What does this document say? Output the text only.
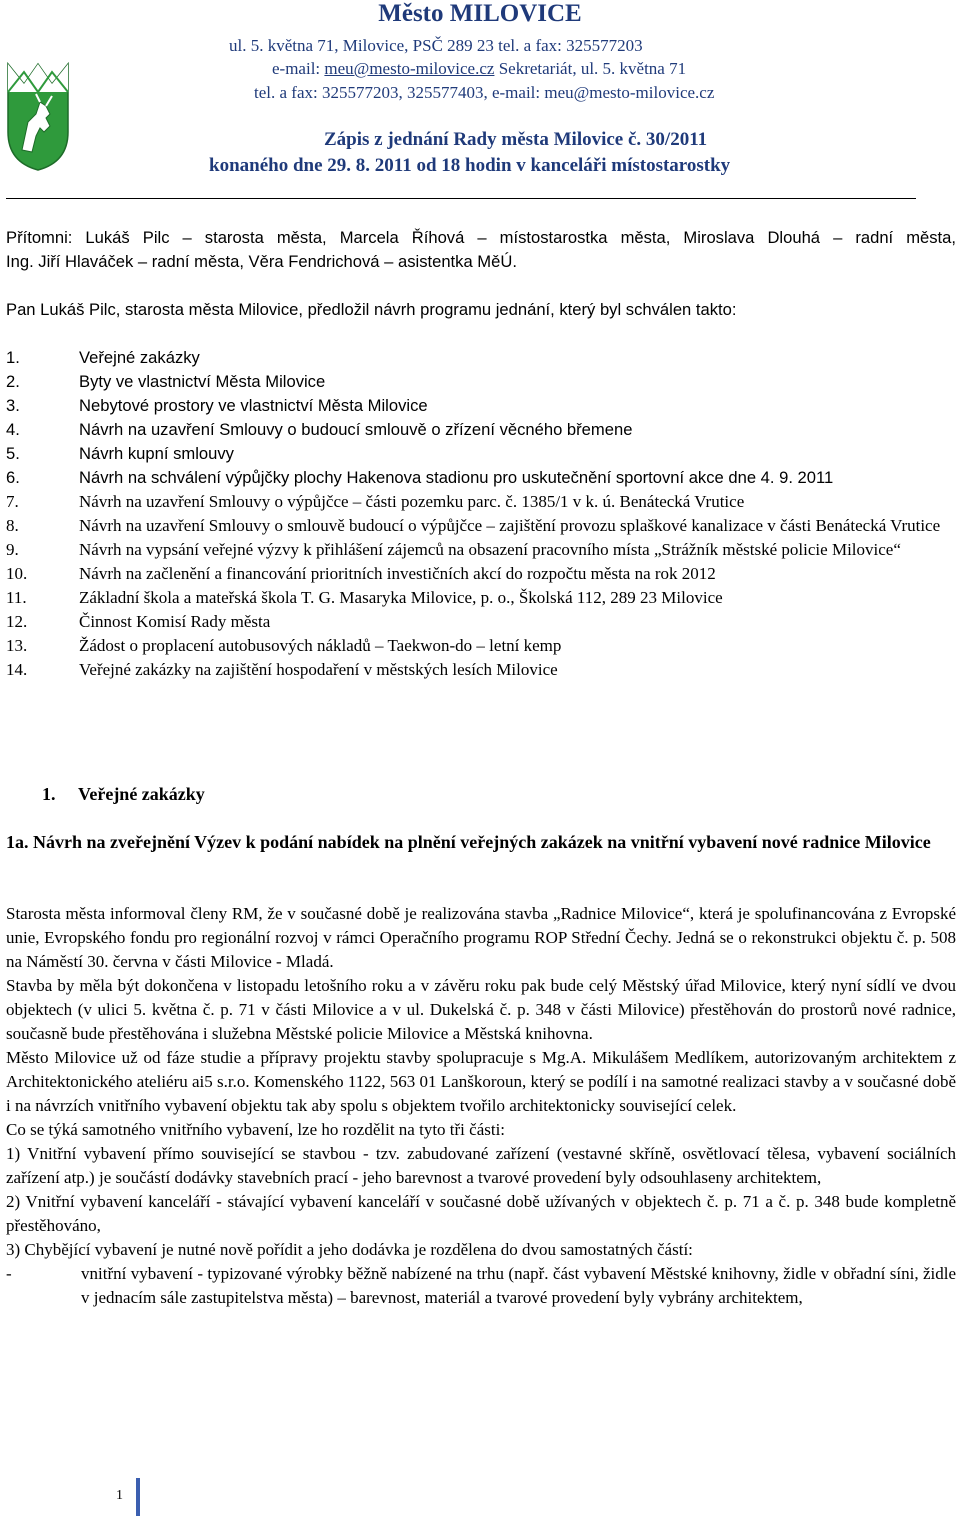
Město MILOVICE
ul. 5. května 71, Milovice, PSČ 289 23 tel. a fax: 325577203
e-mail: meu@mesto-milovice.cz Sekretariát, ul. 5. května 71
tel. a fax: 325577203, 325577403, e-mail: meu@mesto-milovice.cz
Zápis z jednání Rady města Milovice č. 30/2011
konaného dne 29. 8. 2011 od 18 hodin v kanceláři místostarostky
Přítomni: Lukáš Pilc – starosta města, Marcela Říhová – místostarostka města, Miroslava Dlouhá – radní města,
Ing. Jiří Hlaváček – radní města, Věra Fendrichová – asistentka MěÚ.
Pan Lukáš Pilc, starosta města Milovice, předložil návrh programu jednání, který byl schválen takto:
1.	Veřejné zakázky
2.	Byty ve vlastnictví Města Milovice
3.	Nebytové prostory ve vlastnictví Města Milovice
4.	Návrh na uzavření Smlouvy o budoucí smlouvě o zřízení věcného břemene
5.	Návrh kupní smlouvy
6.	Návrh na schválení výpůjčky plochy Hakenova stadionu pro uskutečnění sportovní akce dne 4. 9. 2011
7.	Návrh na uzavření Smlouvy o výpůjčce – části pozemku parc. č. 1385/1 v k. ú. Benátecká Vrutice
8.	Návrh na uzavření Smlouvy o smlouvě budoucí o výpůjčce – zajištění provozu splaškové kanalizace v části Benátecká Vrutice
9.	Návrh na vypsání veřejné výzvy k přihlášení zájemců na obsazení pracovního místa „Strážník městské policie Milovice“
10.	Návrh na začlenění a financování prioritních investičních akcí do rozpočtu města na rok 2012
11.	Základní škola a mateřská škola T. G. Masaryka Milovice, p. o., Školská 112, 289 23 Milovice
12.	Činnost Komisí Rady města
13.	Žádost o proplacení autobusových nákladů – Taekwon-do – letní kemp
14.	Veřejné zakázky na zajištění hospodaření v městských lesích Milovice
1. Veřejné zakázky
1a. Návrh na zveřejnění Výzev k podání nabídek na plnění veřejných zakázek na vnitřní vybavení nové radnice Milovice
Starosta města informoval členy RM, že v současné době je realizována stavba „Radnice Milovice“, která je spolufinancována z Evropské unie, Evropského fondu pro regionální rozvoj v rámci Operačního programu ROP Střední Čechy. Jedná se o rekonstrukci objektu č. p. 508 na Náměstí 30. června v části Milovice - Mladá.
Stavba by měla být dokončena v listopadu letošního roku a v závěru roku pak bude celý Městský úřad Milovice, který nyní sídlí ve dvou objektech (v ulici 5. května č. p. 71 v části Milovice a v ul. Dukelská č. p. 348 v části Milovice) přestěhován do prostorů nové radnice, současně bude přestěhována i služebna Městské policie Milovice a Městská knihovna.
Město Milovice už od fáze studie a přípravy projektu stavby spolupracuje s Mg.A. Mikulášem Medlíkem, autorizovaným architektem z Architektonického ateliéru ai5 s.r.o. Komenského 1122, 563 01 Lanškoroun, který se podílí i na samotné realizaci stavby a v současné době i na návrzích vnitřního vybavení objektu tak aby spolu s objektem tvořilo architektonicky související celek.
Co se týká samotného vnitřního vybavení, lze ho rozdělit na tyto tři části:
1) Vnitřní vybavení přímo související se stavbou - tzv. zabudované zařízení (vestavné skříně, osvětlovací tělesa, vybavení sociálních zařízení atp.) je součástí dodávky stavebních prací - jeho barevnost a tvarové provedení byly odsouhlaseny architektem,
2) Vnitřní vybavení kanceláří - stávající vybavení kanceláří v současné době užívaných v objektech č. p. 71 a č. p. 348 bude kompletně přestěhováno,
3) Chybějící vybavení je nutné nově pořídit a jeho dodávka je rozdělena do dvou samostatných částí:
-	vnitřní vybavení - typizované výrobky běžně nabízené na trhu (např. část vybavení Městské knihovny, židle v obřadní síni, židle v jednacím sále zastupitelstva města) – barevnost, materiál a tvarové provedení byly vybrány architektem,
1
